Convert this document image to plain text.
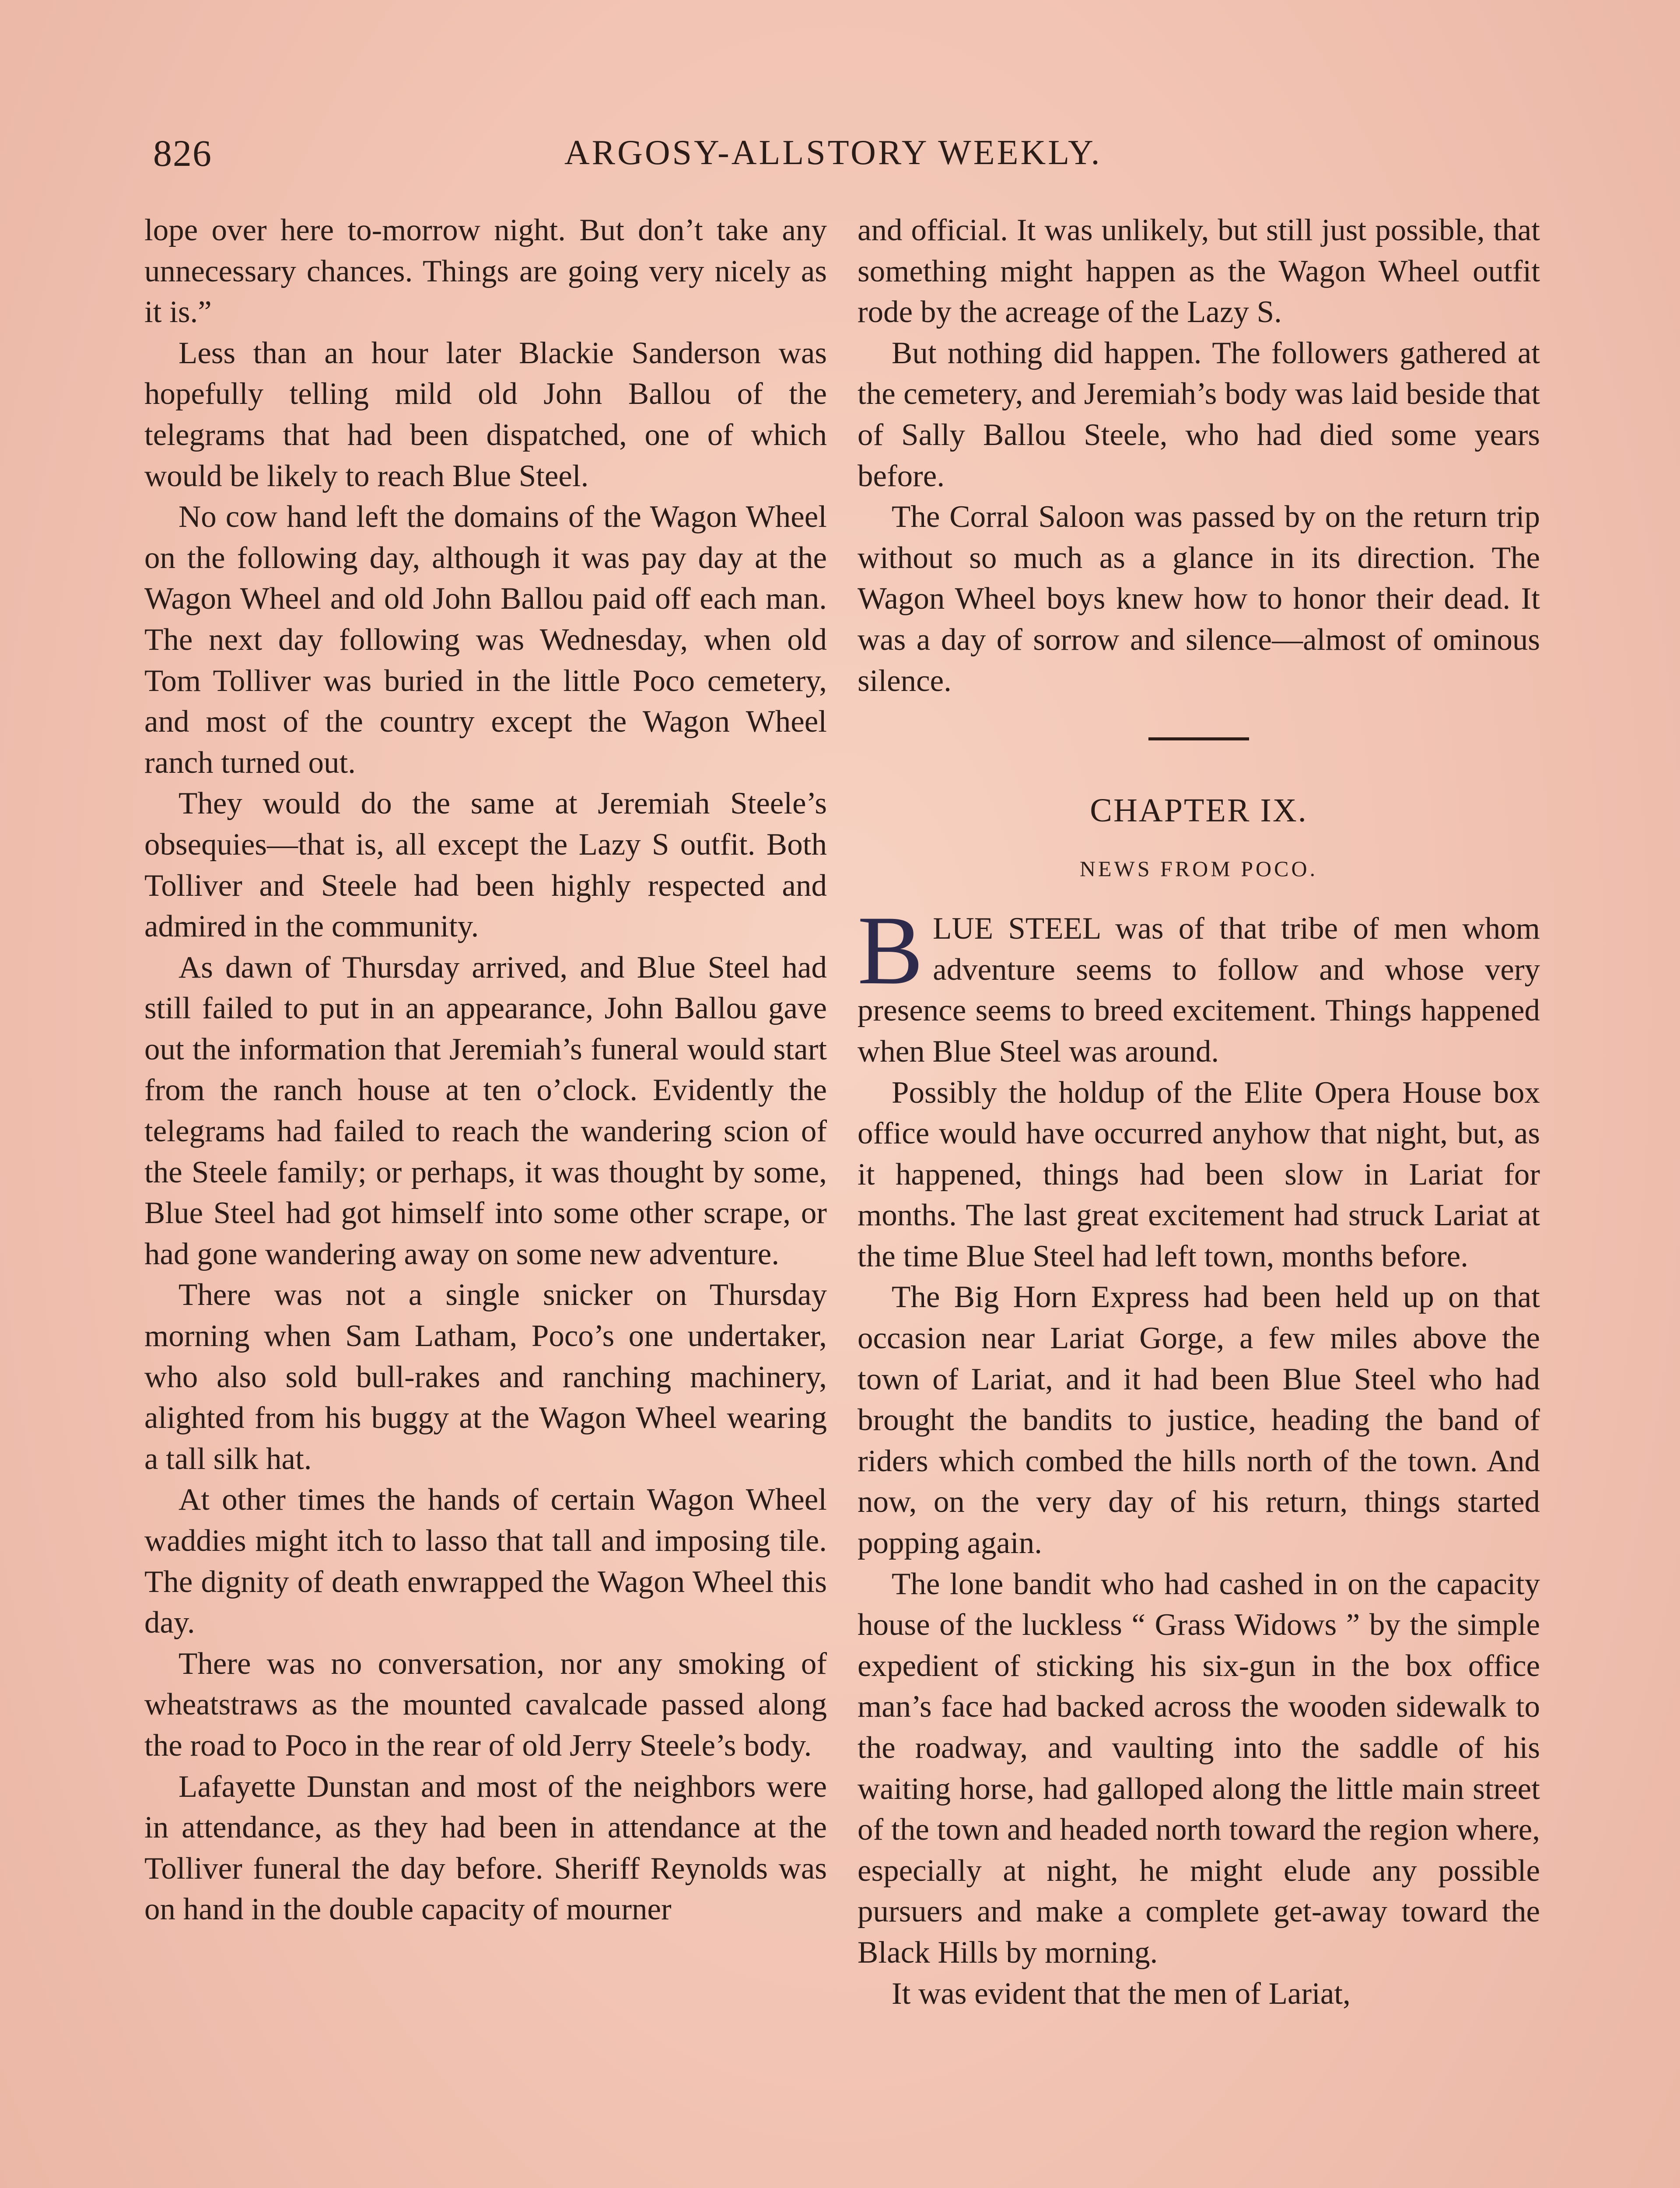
826	ARGOSY-ALLSTORY WEEKLY.

lope over here to-morrow night. But don’t take any unnecessary chances. Things are going very nicely as it is.”

Less than an hour later Blackie Sanderson was hopefully telling mild old John Ballou of the telegrams that had been dispatched, one of which would be likely to reach Blue Steel.

No cow hand left the domains of the Wagon Wheel on the following day, although it was pay day at the Wagon Wheel and old John Ballou paid off each man. The next day following was Wednesday, when old Tom Tolliver was buried in the little Poco cemetery, and most of the country except the Wagon Wheel ranch turned out.

They would do the same at Jeremiah Steele’s obsequies—that is, all except the Lazy S outfit. Both Tolliver and Steele had been highly respected and admired in the community.

As dawn of Thursday arrived, and Blue Steel had still failed to put in an appearance, John Ballou gave out the information that Jeremiah’s funeral would start from the ranch house at ten o’clock. Evidently the telegrams had failed to reach the wandering scion of the Steele family; or perhaps, it was thought by some, Blue Steel had got himself into some other scrape, or had gone wandering away on some new adventure.

There was not a single snicker on Thursday morning when Sam Latham, Poco’s one undertaker, who also sold bull-rakes and ranching machinery, alighted from his buggy at the Wagon Wheel wearing a tall silk hat.

At other times the hands of certain Wagon Wheel waddies might itch to lasso that tall and imposing tile. The dignity of death enwrapped the Wagon Wheel this day.

There was no conversation, nor any smoking of wheatstraws as the mounted cavalcade passed along the road to Poco in the rear of old Jerry Steele’s body.

Lafayette Dunstan and most of the neighbors were in attendance, as they had been in attendance at the Tolliver funeral the day before. Sheriff Reynolds was on hand in the double capacity of mourner

and official. It was unlikely, but still just possible, that something might happen as the Wagon Wheel outfit rode by the acreage of the Lazy S.

But nothing did happen. The followers gathered at the cemetery, and Jeremiah’s body was laid beside that of Sally Ballou Steele, who had died some years before.

The Corral Saloon was passed by on the return trip without so much as a glance in its direction. The Wagon Wheel boys knew how to honor their dead. It was a day of sorrow and silence—almost of ominous silence.

CHAPTER IX.
NEWS FROM POCO.

BLUE STEEL was of that tribe of men whom adventure seems to follow and whose very presence seems to breed excitement. Things happened when Blue Steel was around.

Possibly the holdup of the Elite Opera House box office would have occurred anyhow that night, but, as it happened, things had been slow in Lariat for months. The last great excitement had struck Lariat at the time Blue Steel had left town, months before.

The Big Horn Express had been held up on that occasion near Lariat Gorge, a few miles above the town of Lariat, and it had been Blue Steel who had brought the bandits to justice, heading the band of riders which combed the hills north of the town. And now, on the very day of his return, things started popping again.

The lone bandit who had cashed in on the capacity house of the luckless “ Grass Widows ” by the simple expedient of sticking his six-gun in the box office man’s face had backed across the wooden sidewalk to the roadway, and vaulting into the saddle of his waiting horse, had galloped along the little main street of the town and headed north toward the region where, especially at night, he might elude any possible pursuers and make a complete get-away toward the Black Hills by morning.

It was evident that the men of Lariat,
